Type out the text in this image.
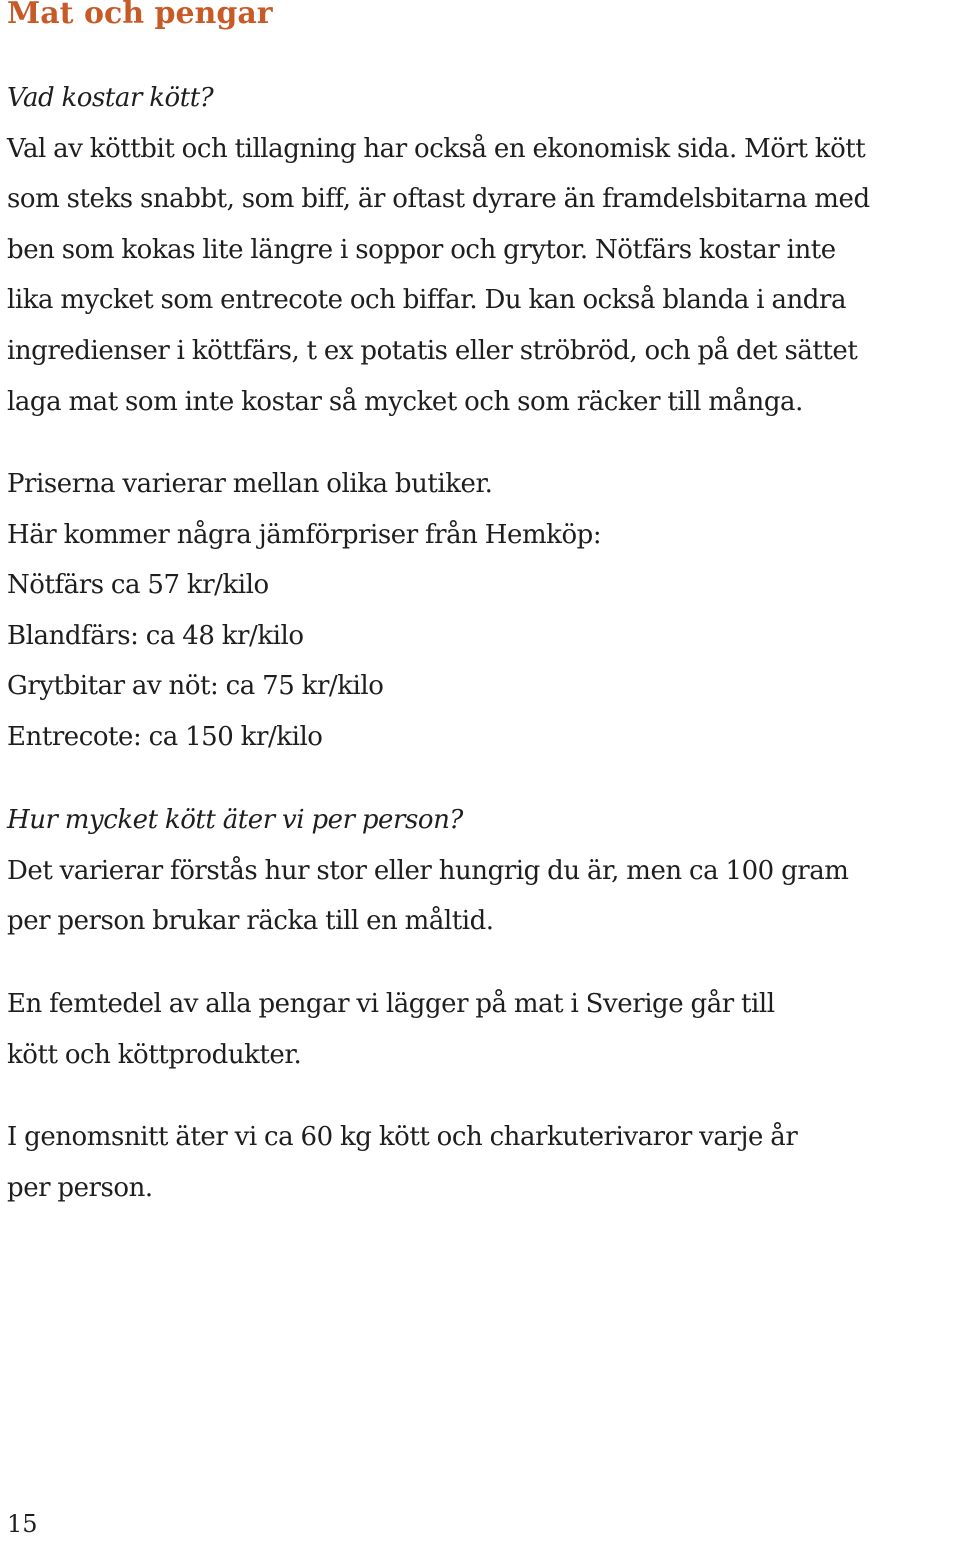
Mat och pengar
Vad kostar kött?
Val av köttbit och tillagning har också en ekonomisk sida. Mört kött
som steks snabbt, som biff, är oftast dyrare än framdelsbitarna med
ben som kokas lite längre i soppor och grytor. Nötfärs kostar inte
lika mycket som entrecote och biffar. Du kan också blanda i andra
ingredienser i köttfärs, t ex potatis eller ströbröd, och på det sättet
laga mat som inte kostar så mycket och som räcker till många.
Priserna varierar mellan olika butiker.
Här kommer några jämförpriser från Hemköp:
Nötfärs ca 57 kr/kilo
Blandfärs: ca 48 kr/kilo
Grytbitar av nöt: ca 75 kr/kilo
Entrecote: ca 150 kr/kilo
Hur mycket kött äter vi per person?
Det varierar förstås hur stor eller hungrig du är, men ca 100 gram
per person brukar räcka till en måltid.
En femtedel av alla pengar vi lägger på mat i Sverige går till
kött och köttprodukter.
I genomsnitt äter vi ca 60 kg kött och charkuterivaror varje år
per person.

15
